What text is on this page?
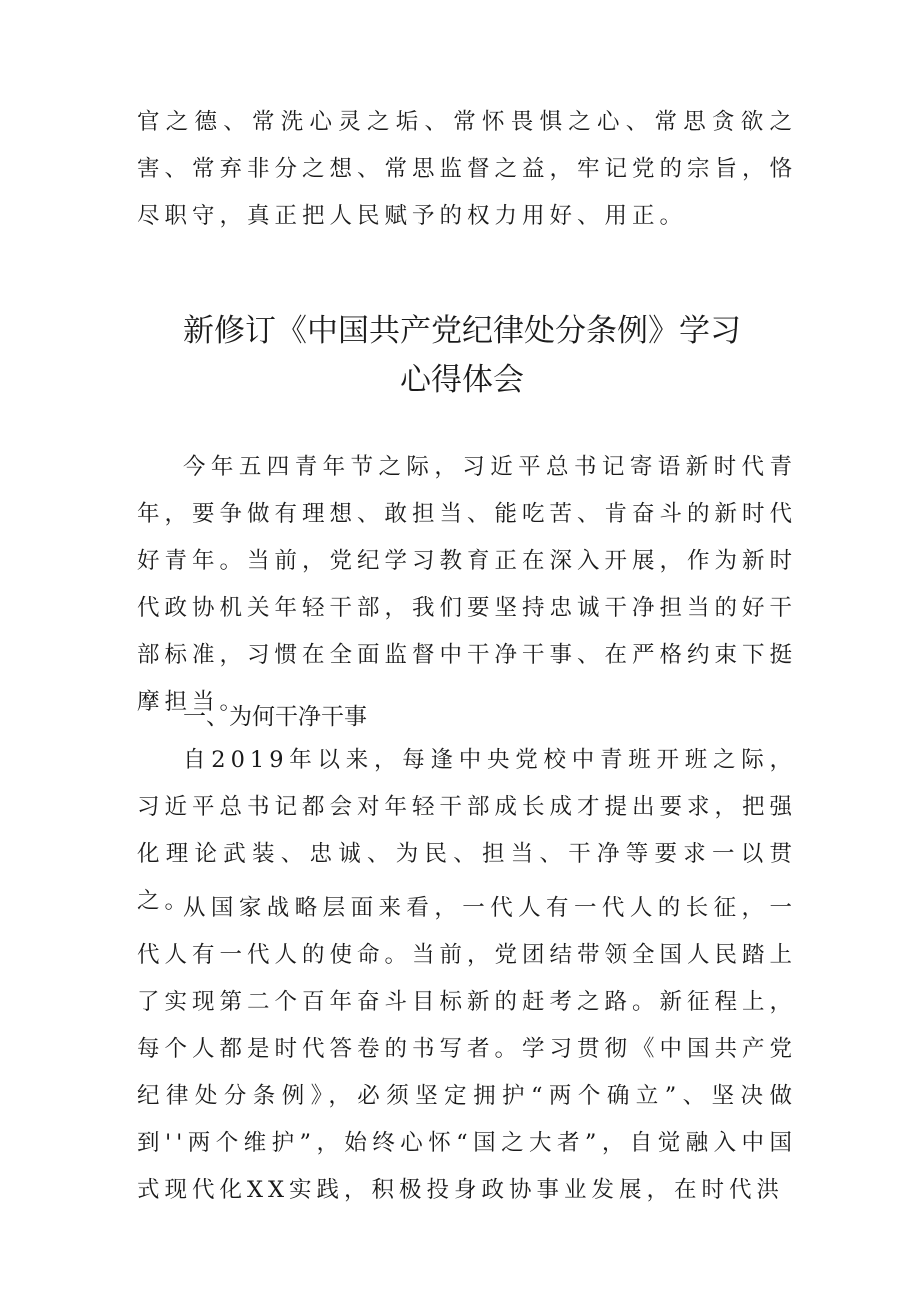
官之德、常洗心灵之垢、常怀畏惧之心、常思贪欲之害、常弃非分之想、常思监督之益，牢记党的宗旨，恪尽职守，真正把人民赋予的权力用好、用正。

新修订《中国共产党纪律处分条例》学习
心得体会

今年五四青年节之际，习近平总书记寄语新时代青年，要争做有理想、敢担当、能吃苦、肯奋斗的新时代好青年。当前，党纪学习教育正在深入开展，作为新时代政协机关年轻干部，我们要坚持忠诚干净担当的好干部标准，习惯在全面监督中干净干事、在严格约束下挺摩担当。

一、为何干净干事

自2019年以来，每逢中央党校中青班开班之际，习近平总书记都会对年轻干部成长成才提出要求，把强化理论武装、忠诚、为民、担当、干净等要求一以贯之。

从国家战略层面来看，一代人有一代人的长征，一代人有一代人的使命。当前，党团结带领全国人民踏上了实现第二个百年奋斗目标新的赶考之路。新征程上，每个人都是时代答卷的书写者。学习贯彻《中国共产党纪律处分条例》，必须坚定拥护“两个确立”、坚决做到''两个维护”，始终心怀“国之大者”，自觉融入中国式现代化XX实践，积极投身政协事业发展，在时代洪
